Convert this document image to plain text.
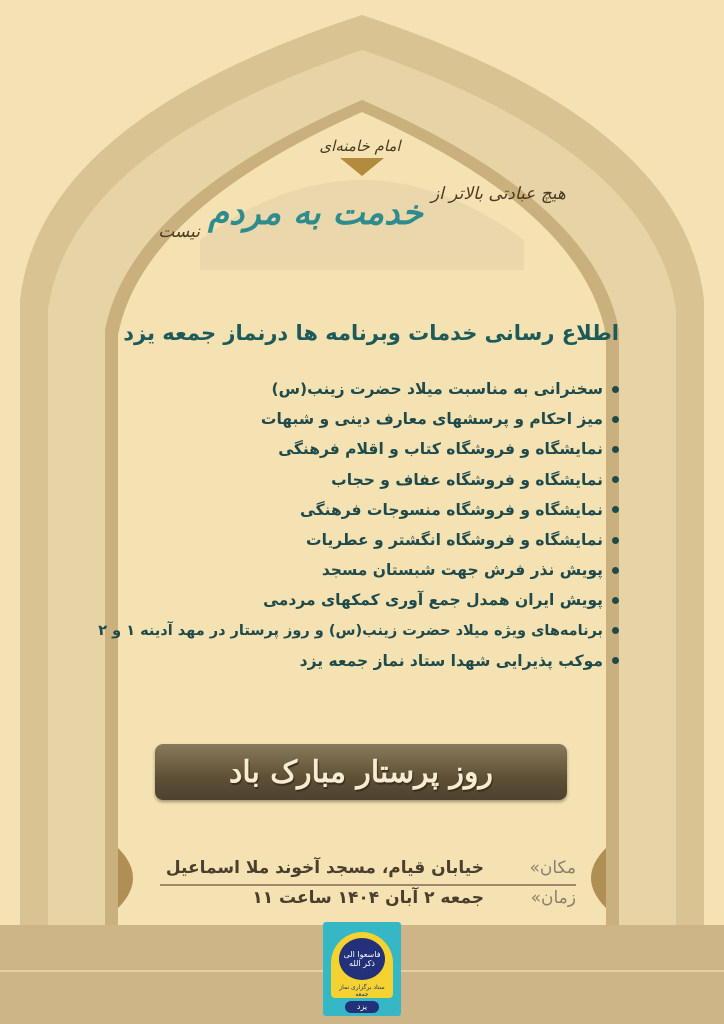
امام خامنه‌ای
هیچ عبادتی بالاتر از
خدمت به مردم
نیست
اطلاع رسانی خدمات وبرنامه ها درنماز جمعه یزد
سخنرانی به مناسبت میلاد حضرت زینب(س)
میز احکام و پرسشهای معارف دینی و شبهات
نمایشگاه و فروشگاه کتاب و اقلام فرهنگی
نمایشگاه و فروشگاه عفاف و حجاب
نمایشگاه و فروشگاه منسوجات فرهنگی
نمایشگاه و فروشگاه انگشتر و عطریات
پویش نذر فرش جهت شبستان مسجد
پویش ایران همدل جمع آوری کمکهای مردمی
برنامه‌های ویژه میلاد حضرت زینب(س) و روز پرستار در مهد آدینه ۱ و ۲
موکب پذیرایی شهدا ستاد نماز جمعه یزد
روز پرستار مبارک باد
مکان»خیابان قیام، مسجد آخوند ملا اسماعیل
زمان»جمعه ۲ آبان ۱۴۰۴ ساعت ۱۱
فاسعوا الی ذکر الله
ستاد برگزاری نماز جمعه
یزد
